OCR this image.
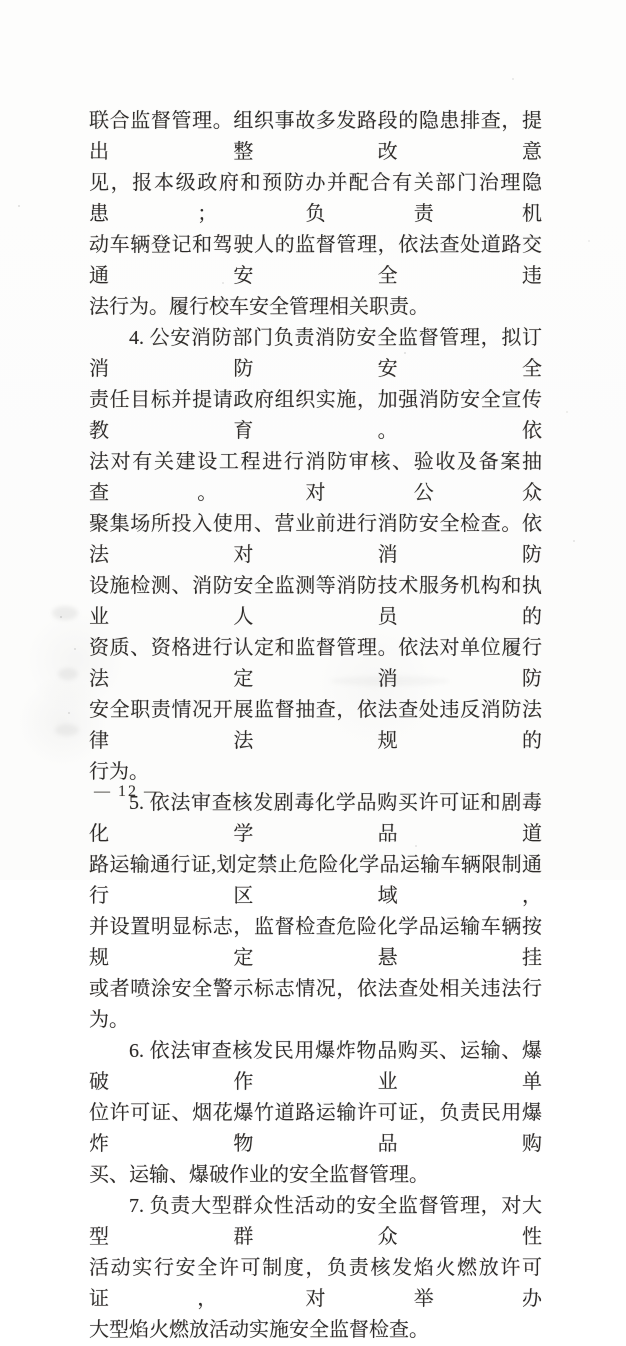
联合监督管理。组织事故多发路段的隐患排查，提出整改意
见，报本级政府和预防办并配合有关部门治理隐患；负责机
动车辆登记和驾驶人的监督管理，依法查处道路交通安全违
法行为。履行校车安全管理相关职责。

4. 公安消防部门负责消防安全监督管理，拟订消防安全
责任目标并提请政府组织实施，加强消防安全宣传教育。依
法对有关建设工程进行消防审核、验收及备案抽查。对公众
聚集场所投入使用、营业前进行消防安全检查。依法对消防
设施检测、消防安全监测等消防技术服务机构和执业人员的
资质、资格进行认定和监督管理。依法对单位履行法定消防
安全职责情况开展监督抽查，依法查处违反消防法律法规的
行为。

5. 依法审查核发剧毒化学品购买许可证和剧毒化学品道
路运输通行证,划定禁止危险化学品运输车辆限制通行区域，
并设置明显标志，监督检查危险化学品运输车辆按规定悬挂
或者喷涂安全警示标志情况，依法查处相关违法行为。

6. 依法审查核发民用爆炸物品购买、运输、爆破作业单
位许可证、烟花爆竹道路运输许可证，负责民用爆炸物品购
买、运输、爆破作业的安全监督管理。

7. 负责大型群众性活动的安全监督管理，对大型群众性
活动实行安全许可制度，负责核发焰火燃放许可证，对举办
大型焰火燃放活动实施安全监督检查。

— 12 —
